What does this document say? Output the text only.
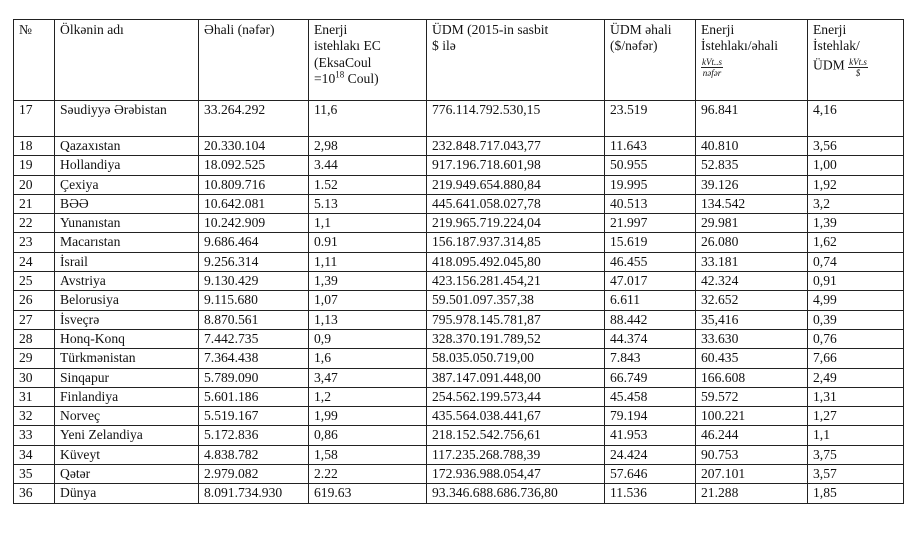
№	Ölkənin adı	Əhali (nəfər)	Enerji
istehlakı EC
(EksaCoul
$=10^{18}$ Coul)	ÜDM (2015-in sasbit
$ ilə	ÜDM əhali
($/nəfər)	Enerji
İstehlakı/əhali

$\frac{\text{kVt..s}}{\text{nəfər}}$	Enerji
İstehlak/
ÜDM $\frac{\text{kVt.s}}{\$}$

17	Səudiyyə Ərəbistan	33.264.292	11,6	776.114.792.530,15	23.519	96.841	4,16
18	Qazaxıstan	20.330.104	2,98	232.848.717.043,77	11.643	40.810	3,56
19	Hollandiya	18.092.525	3.44	917.196.718.601,98	50.955	52.835	1,00
20	Çexiya	10.809.716	1.52	219.949.654.880,84	19.995	39.126	1,92
21	BƏƏ	10.642.081	5.13	445.641.058.027,78	40.513	134.542	3,2
22	Yunanıstan	10.242.909	1,1	219.965.719.224,04	21.997	29.981	1,39
23	Macarıstan	9.686.464	0.91	156.187.937.314,85	15.619	26.080	1,62
24	İsrail	9.256.314	1,11	418.095.492.045,80	46.455	33.181	0,74
25	Avstriya	9.130.429	1,39	423.156.281.454,21	47.017	42.324	0,91
26	Belorusiya	9.115.680	1,07	59.501.097.357,38	6.611	32.652	4,99
27	İsveçrə	8.870.561	1,13	795.978.145.781,87	88.442	35,416	0,39
28	Honq-Konq	7.442.735	0,9	328.370.191.789,52	44.374	33.630	0,76
29	Türkmənistan	7.364.438	1,6	58.035.050.719,00	7.843	60.435	7,66
30	Sinqapur	5.789.090	3,47	387.147.091.448,00	66.749	166.608	2,49
31	Finlandiya	5.601.186	1,2	254.562.199.573,44	45.458	59.572	1,31
32	Norveç	5.519.167	1,99	435.564.038.441,67	79.194	100.221	1,27
33	Yeni Zelandiya	5.172.836	0,86	218.152.542.756,61	41.953	46.244	1,1
34	Küveyt	4.838.782	1,58	117.235.268.788,39	24.424	90.753	3,75
35	Qətər	2.979.082	2.22	172.936.988.054,47	57.646	207.101	3,57
36	Dünya	8.091.734.930	619.63	93.346.688.686.736,80	11.536	21.288	1,85
